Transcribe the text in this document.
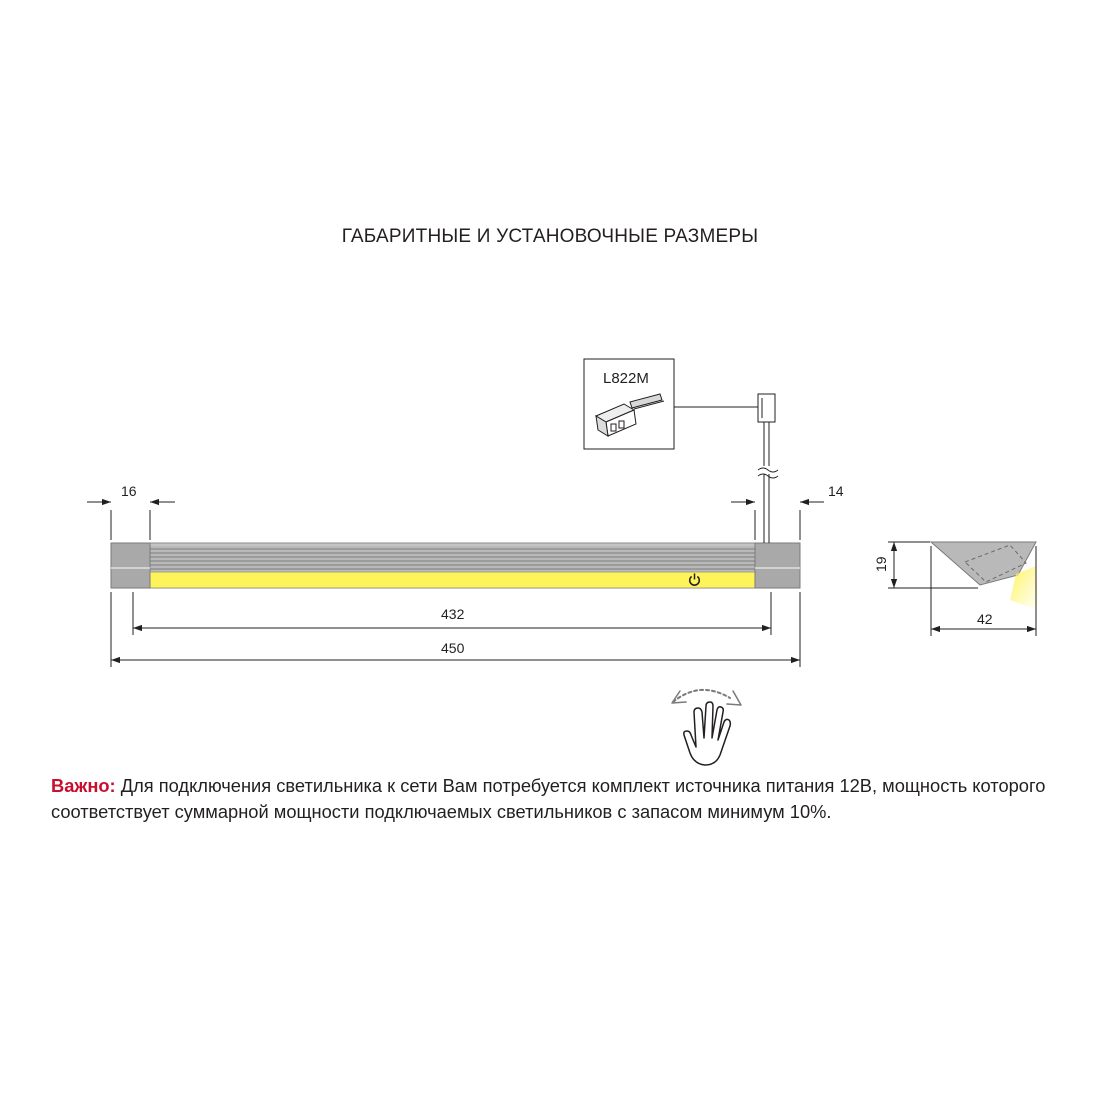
ГАБАРИТНЫЕ И УСТАНОВОЧНЫЕ РАЗМЕРЫ
L822M
16	14
432
450
19
42
Важно: Для подключения светильника к сети Вам потребуется комплект источника питания 12В, мощность которого соответствует суммарной мощности подключаемых светильников с запасом минимум 10%.
